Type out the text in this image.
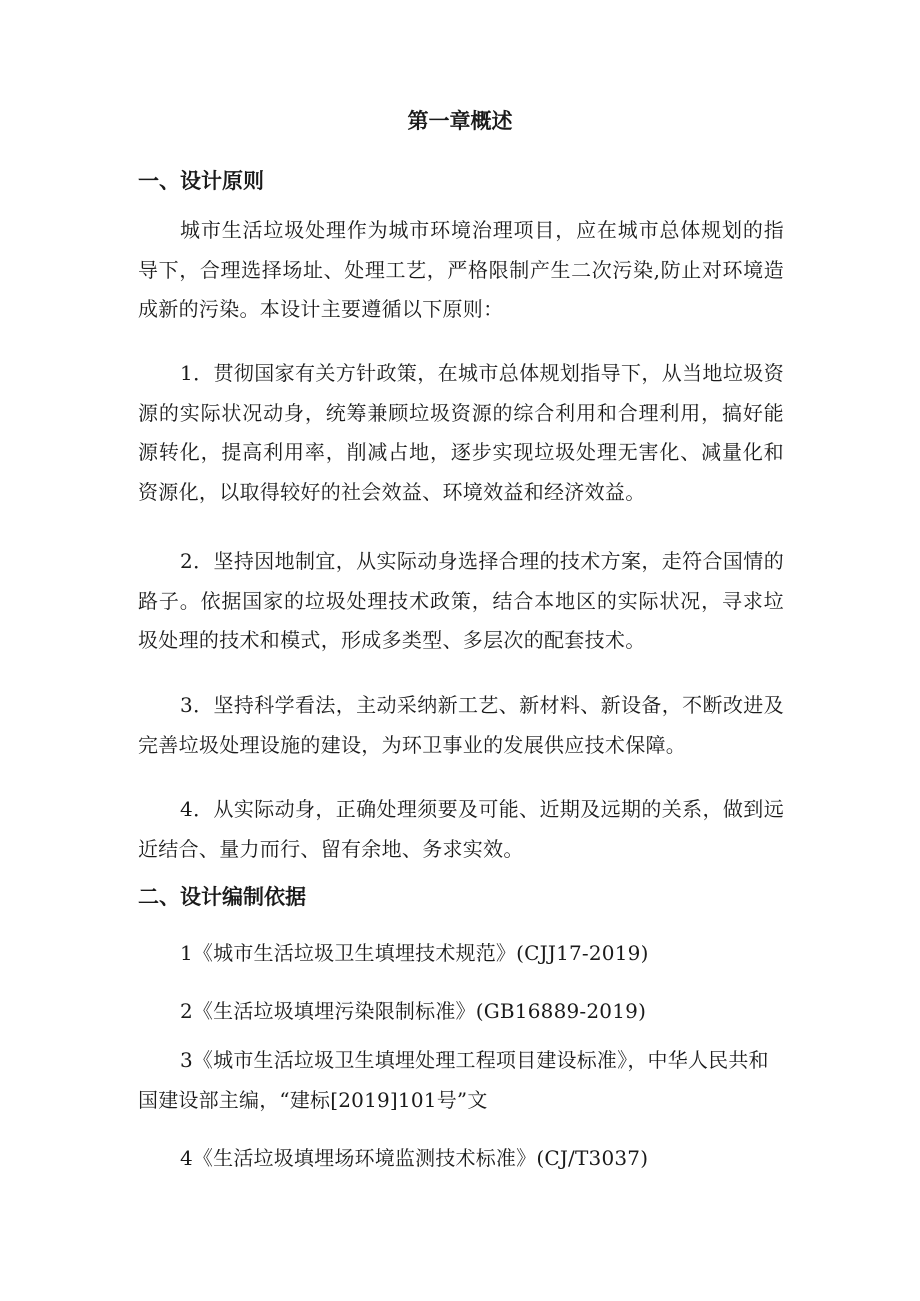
第一章概述
一、设计原则

城市生活垃圾处理作为城市环境治理项目，应在城市总体规划的指导下，合理选择场址、处理工艺，严格限制产生二次污染,防止对环境造成新的污染。本设计主要遵循以下原则：

1．贯彻国家有关方针政策，在城市总体规划指导下，从当地垃圾资源的实际状况动身，统筹兼顾垃圾资源的综合利用和合理利用，搞好能源转化，提高利用率，削减占地，逐步实现垃圾处理无害化、减量化和资源化，以取得较好的社会效益、环境效益和经济效益。

2．坚持因地制宜，从实际动身选择合理的技术方案，走符合国情的路子。依据国家的垃圾处理技术政策，结合本地区的实际状况，寻求垃圾处理的技术和模式，形成多类型、多层次的配套技术。

3．坚持科学看法，主动采纳新工艺、新材料、新设备，不断改进及完善垃圾处理设施的建设，为环卫事业的发展供应技术保障。

4．从实际动身，正确处理须要及可能、近期及远期的关系，做到远近结合、量力而行、留有余地、务求实效。

二、设计编制依据

1《城市生活垃圾卫生填埋技术规范》(CJJ17-2019)

2《生活垃圾填埋污染限制标准》(GB16889-2019)

3《城市生活垃圾卫生填埋处理工程项目建设标准》，中华人民共和国建设部主编，“建标[2019]101号”文

4《生活垃圾填埋场环境监测技术标准》(CJ/T3037)
